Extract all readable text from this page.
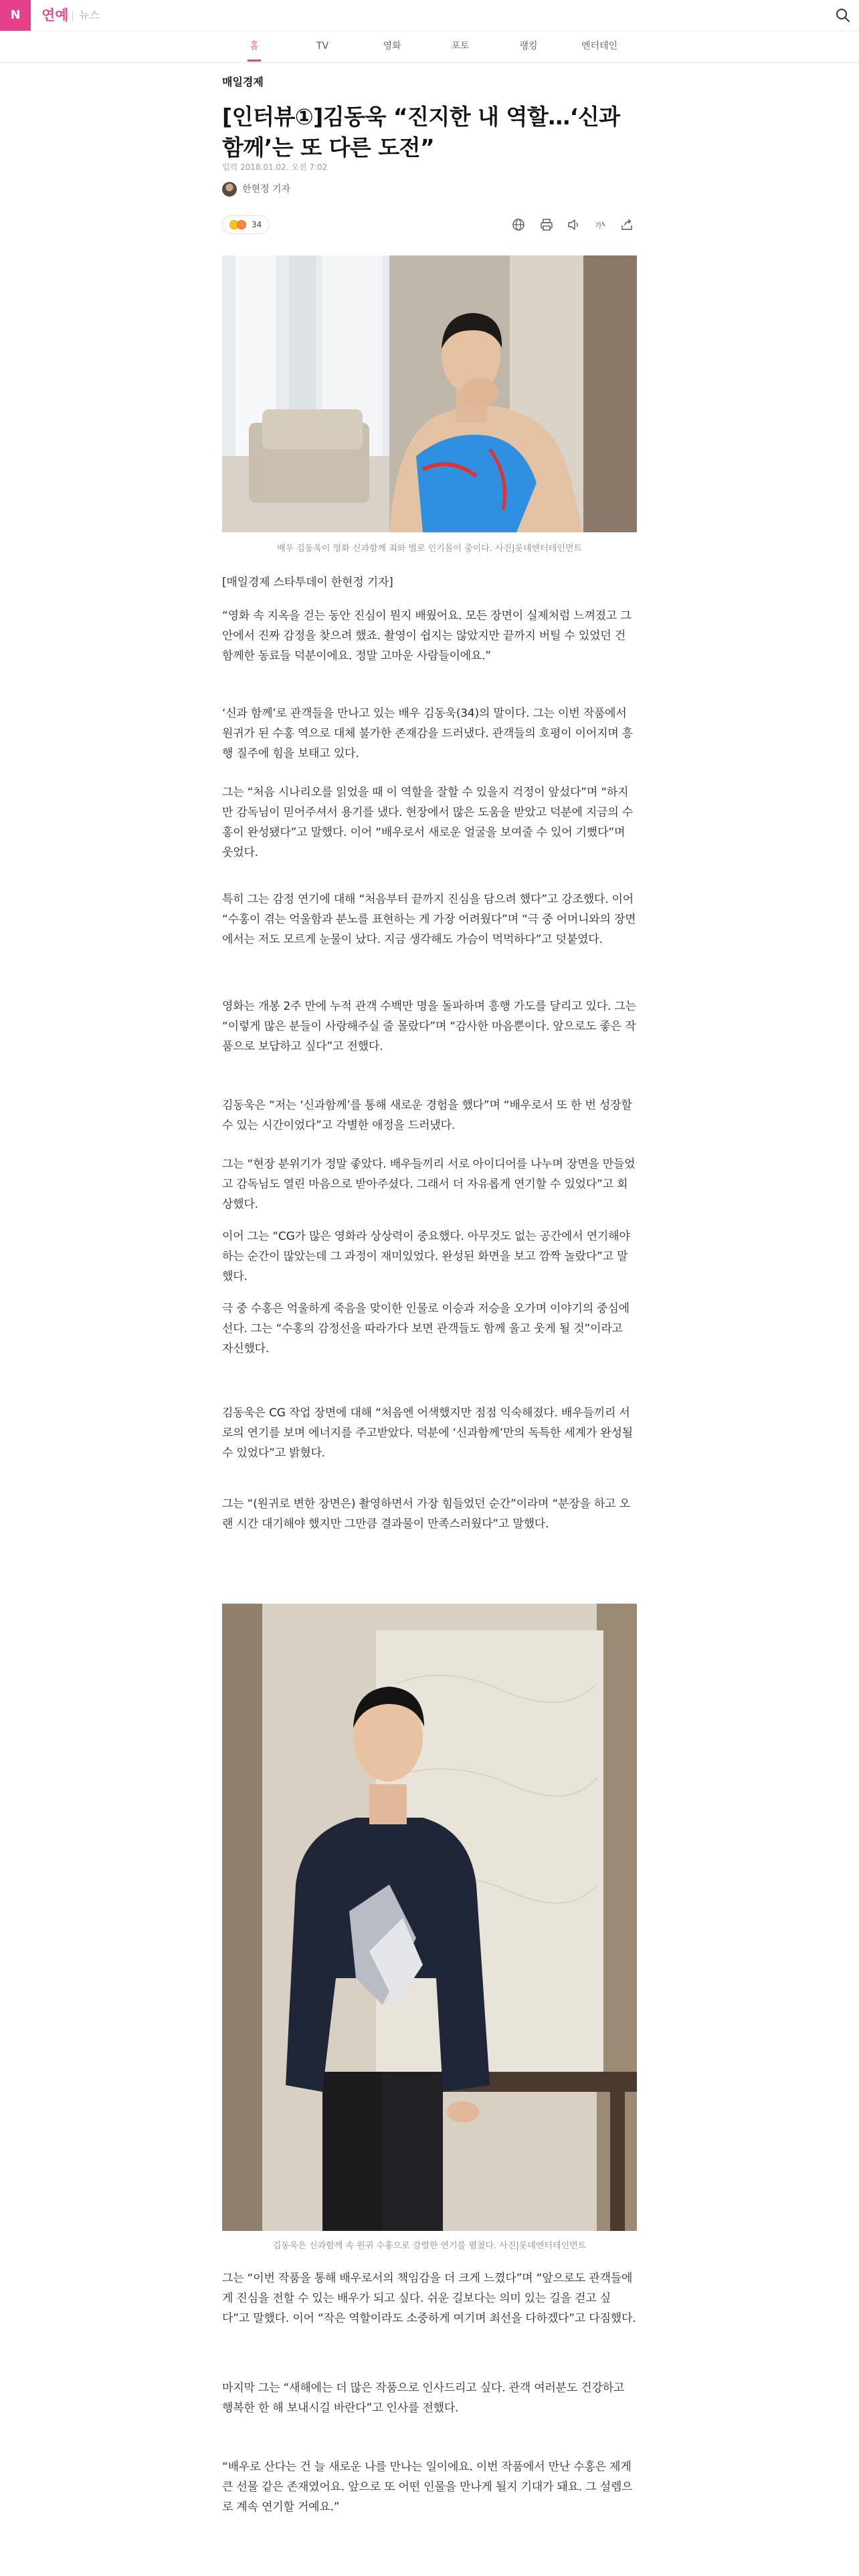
N	연예 뉴스
홈	TV	영화	포토	랭킹	엔터테인
매일경제
[인터뷰①]김동욱 “진지한 내 역할…‘신과함께’는 또 다른 도전”
입력 2018.01.02. 오전 7:02
한현정 기자
34	가
배우 김동욱이 영화 신과함께 죄와 벌로 인기몰이 중이다. 사진|롯데엔터테인먼트
[매일경제 스타투데이 한현정 기자]
“영화 속 지옥을 걷는 동안 진심이 뭔지 배웠어요. 모든 장면이 실제처럼 느껴졌고 그 안에서 진짜 감정을 찾으려 했죠. 촬영이 쉽지는 않았지만 끝까지 버틸 수 있었던 건 함께한 동료들 덕분이에요. 정말 고마운 사람들이에요.”
‘신과 함께’로 관객들을 만나고 있는 배우 김동욱(34)의 말이다. 그는 이번 작품에서 원귀가 된 수홍 역으로 대체 불가한 존재감을 드러냈다. 관객들의 호평이 이어지며 흥행 질주에 힘을 보태고 있다.
그는 “처음 시나리오를 읽었을 때 이 역할을 잘할 수 있을지 걱정이 앞섰다”며 “하지만 감독님이 믿어주셔서 용기를 냈다. 현장에서 많은 도움을 받았고 덕분에 지금의 수홍이 완성됐다”고 말했다. 이어 “배우로서 새로운 얼굴을 보여줄 수 있어 기뻤다”며 웃었다.
특히 그는 감정 연기에 대해 “처음부터 끝까지 진심을 담으려 했다”고 강조했다. 이어 “수홍이 겪는 억울함과 분노를 표현하는 게 가장 어려웠다”며 “극 중 어머니와의 장면에서는 저도 모르게 눈물이 났다. 지금 생각해도 가슴이 먹먹하다”고 덧붙였다.
영화는 개봉 2주 만에 누적 관객 수백만 명을 돌파하며 흥행 가도를 달리고 있다. 그는 “이렇게 많은 분들이 사랑해주실 줄 몰랐다”며 “감사한 마음뿐이다. 앞으로도 좋은 작품으로 보답하고 싶다”고 전했다.
김동욱은 “저는 ‘신과함께’를 통해 새로운 경험을 했다”며 “배우로서 또 한 번 성장할 수 있는 시간이었다”고 각별한 애정을 드러냈다.
그는 “현장 분위기가 정말 좋았다. 배우들끼리 서로 아이디어를 나누며 장면을 만들었고 감독님도 열린 마음으로 받아주셨다. 그래서 더 자유롭게 연기할 수 있었다”고 회상했다.
이어 그는 “CG가 많은 영화라 상상력이 중요했다. 아무것도 없는 공간에서 연기해야 하는 순간이 많았는데 그 과정이 재미있었다. 완성된 화면을 보고 깜짝 놀랐다”고 말했다.
극 중 수홍은 억울하게 죽음을 맞이한 인물로 이승과 저승을 오가며 이야기의 중심에 선다. 그는 “수홍의 감정선을 따라가다 보면 관객들도 함께 울고 웃게 될 것”이라고 자신했다.
김동욱은 CG 작업 장면에 대해 “처음엔 어색했지만 점점 익숙해졌다. 배우들끼리 서로의 연기를 보며 에너지를 주고받았다. 덕분에 ‘신과함께’만의 독특한 세계가 완성될 수 있었다”고 밝혔다.
그는 “(원귀로 변한 장면은) 촬영하면서 가장 힘들었던 순간”이라며 “분장을 하고 오랜 시간 대기해야 했지만 그만큼 결과물이 만족스러웠다”고 말했다.
김동욱은 신과함께 속 원귀 수홍으로 강렬한 연기를 펼쳤다. 사진|롯데엔터테인먼트
그는 “이번 작품을 통해 배우로서의 책임감을 더 크게 느꼈다”며 “앞으로도 관객들에게 진심을 전할 수 있는 배우가 되고 싶다. 쉬운 길보다는 의미 있는 길을 걷고 싶다”고 말했다. 이어 “작은 역할이라도 소중하게 여기며 최선을 다하겠다”고 다짐했다.
마지막 그는 “새해에는 더 많은 작품으로 인사드리고 싶다. 관객 여러분도 건강하고 행복한 한 해 보내시길 바란다”고 인사를 전했다.
“배우로 산다는 건 늘 새로운 나를 만나는 일이에요. 이번 작품에서 만난 수홍은 제게 큰 선물 같은 존재였어요. 앞으로 또 어떤 인물을 만나게 될지 기대가 돼요. 그 설렘으로 계속 연기할 거예요.”
